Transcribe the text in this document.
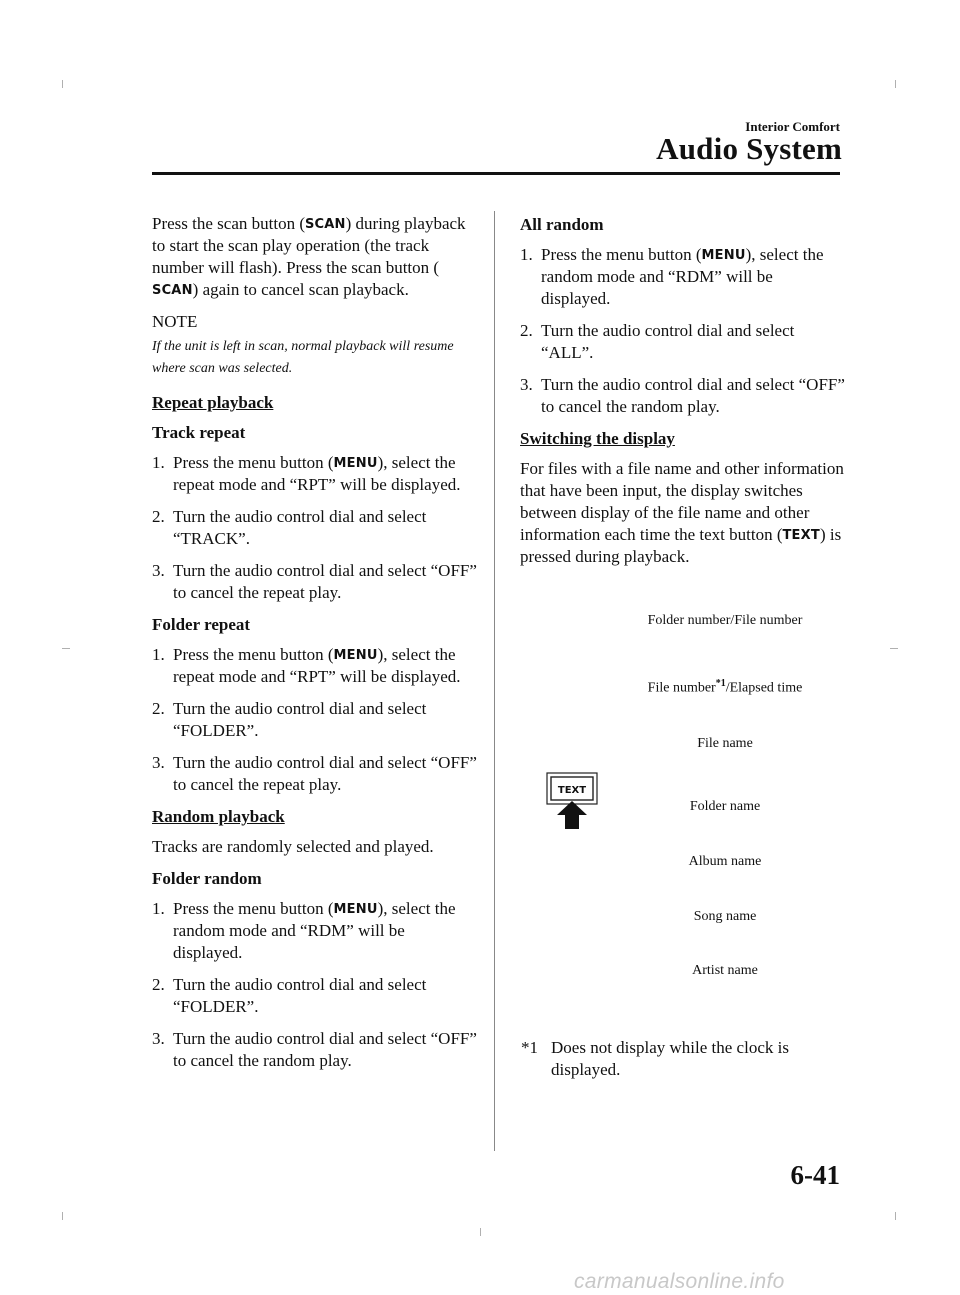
Interior Comfort
Audio System

Press the scan button (SCAN) during playback to start the scan play operation (the track number will flash). Press the scan button (SCAN) again to cancel scan playback.

NOTE
If the unit is left in scan, normal playback will resume where scan was selected.
Repeat playback
Track repeat
1. Press the menu button (MENU), select the repeat mode and “RPT” will be displayed.
2. Turn the audio control dial and select “TRACK”.
3. Turn the audio control dial and select “OFF” to cancel the repeat play.
Folder repeat
1. Press the menu button (MENU), select the repeat mode and “RPT” will be displayed.
2. Turn the audio control dial and select “FOLDER”.
3. Turn the audio control dial and select “OFF” to cancel the repeat play.
Random playback

Tracks are randomly selected and played.

Folder random
1. Press the menu button (MENU), select the random mode and “RDM” will be displayed.
2. Turn the audio control dial and select “FOLDER”.
3. Turn the audio control dial and select “OFF” to cancel the random play.
All random
1. Press the menu button (MENU), select the random mode and “RDM” will be displayed.
2. Turn the audio control dial and select “ALL”.
3. Turn the audio control dial and select “OFF” to cancel the random play.
Switching the display

For files with a file name and other information that have been input, the display switches between display of the file name and other information each time the text button (TEXT) is pressed during playback.

Folder number/File number
File number$^{*1}$/Elapsed time
File name
Folder name
Album name
Song name
Artist name
TEXT
*1 Does not display while the clock is displayed.
6-41
carmanualsonline.info
